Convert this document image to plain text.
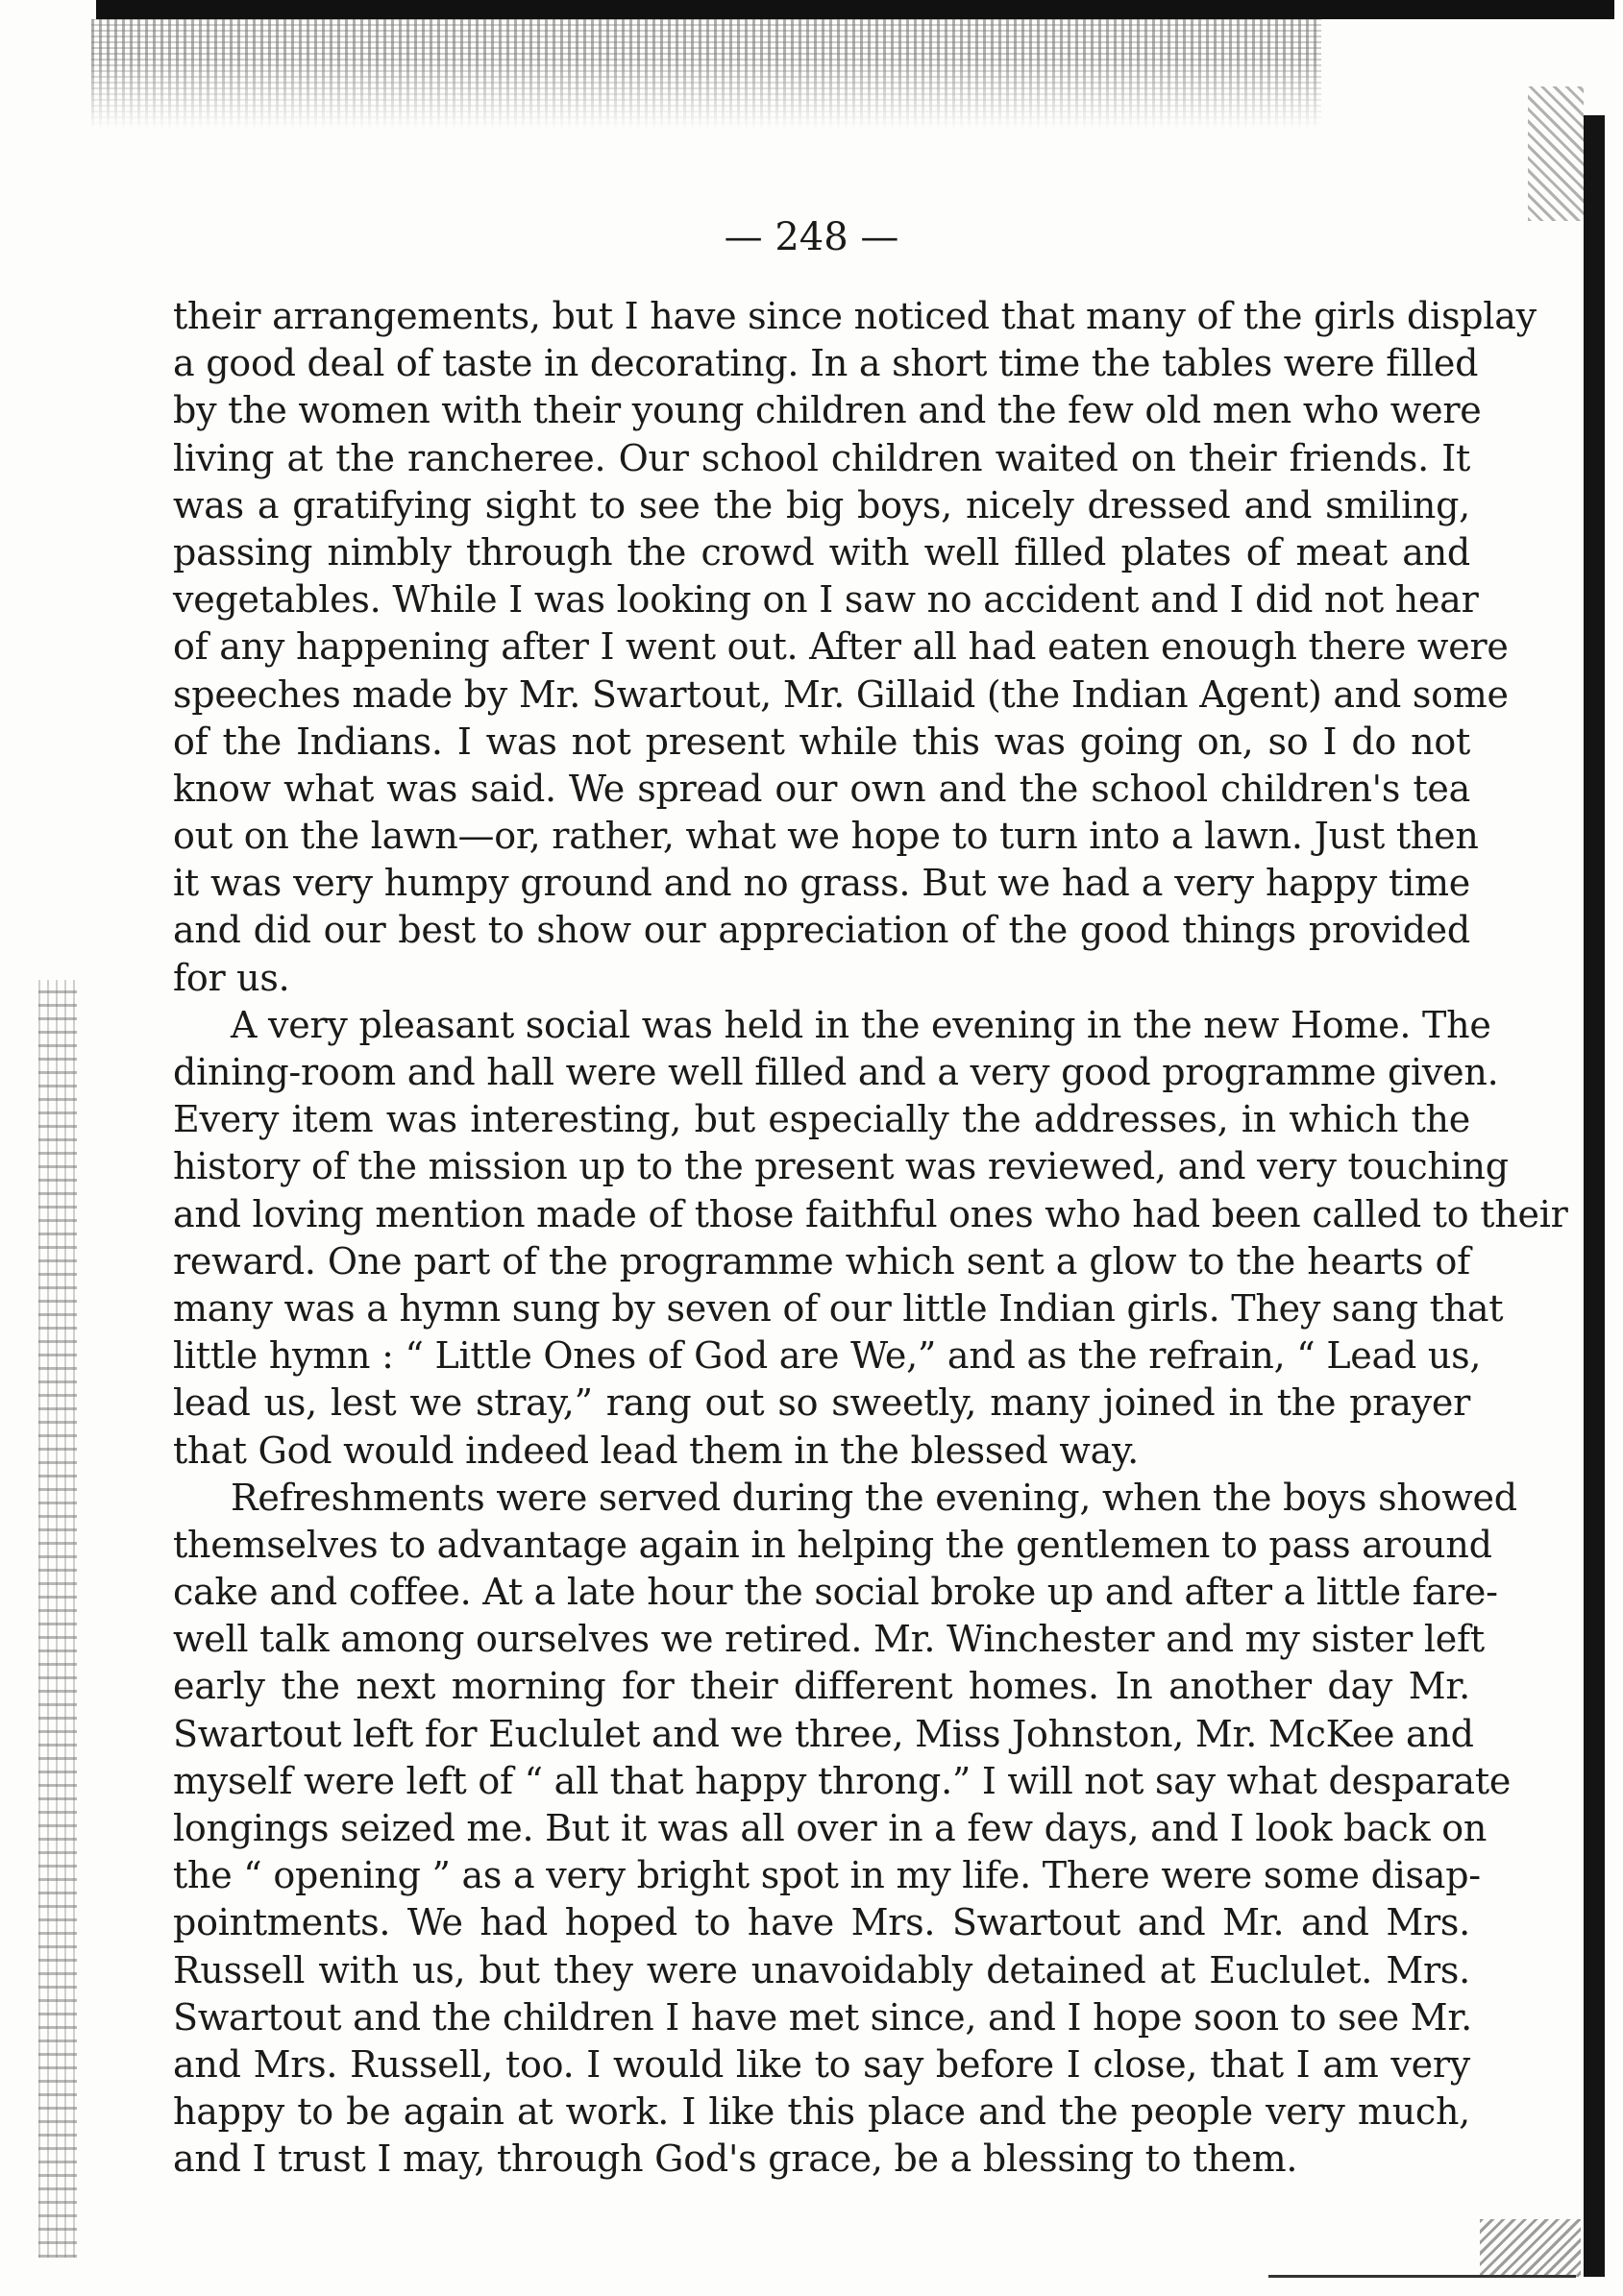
— 248 —
their arrangements, but I have since noticed that many of the girls display
a good deal of taste in decorating. In a short time the tables were filled
by the women with their young children and the few old men who were
living at the rancheree. Our school children waited on their friends. It
was a gratifying sight to see the big boys, nicely dressed and smiling,
passing nimbly through the crowd with well filled plates of meat and
vegetables. While I was looking on I saw no accident and I did not hear
of any happening after I went out. After all had eaten enough there were
speeches made by Mr. Swartout, Mr. Gillaid (the Indian Agent) and some
of the Indians. I was not present while this was going on, so I do not
know what was said. We spread our own and the school children's tea
out on the lawn—or, rather, what we hope to turn into a lawn. Just then
it was very humpy ground and no grass. But we had a very happy time
and did our best to show our appreciation of the good things provided
for us.
A very pleasant social was held in the evening in the new Home. The
dining-room and hall were well filled and a very good programme given.
Every item was interesting, but especially the addresses, in which the
history of the mission up to the present was reviewed, and very touching
and loving mention made of those faithful ones who had been called to their
reward. One part of the programme which sent a glow to the hearts of
many was a hymn sung by seven of our little Indian girls. They sang that
little hymn : “ Little Ones of God are We,” and as the refrain, “ Lead us,
lead us, lest we stray,” rang out so sweetly, many joined in the prayer
that God would indeed lead them in the blessed way.
Refreshments were served during the evening, when the boys showed
themselves to advantage again in helping the gentlemen to pass around
cake and coffee. At a late hour the social broke up and after a little fare-
well talk among ourselves we retired. Mr. Winchester and my sister left
early the next morning for their different homes. In another day Mr.
Swartout left for Euclulet and we three, Miss Johnston, Mr. McKee and
myself were left of “ all that happy throng.” I will not say what desparate
longings seized me. But it was all over in a few days, and I look back on
the “ opening ” as a very bright spot in my life. There were some disap-
pointments. We had hoped to have Mrs. Swartout and Mr. and Mrs.
Russell with us, but they were unavoidably detained at Euclulet. Mrs.
Swartout and the children I have met since, and I hope soon to see Mr.
and Mrs. Russell, too. I would like to say before I close, that I am very
happy to be again at work. I like this place and the people very much,
and I trust I may, through God's grace, be a blessing to them.
